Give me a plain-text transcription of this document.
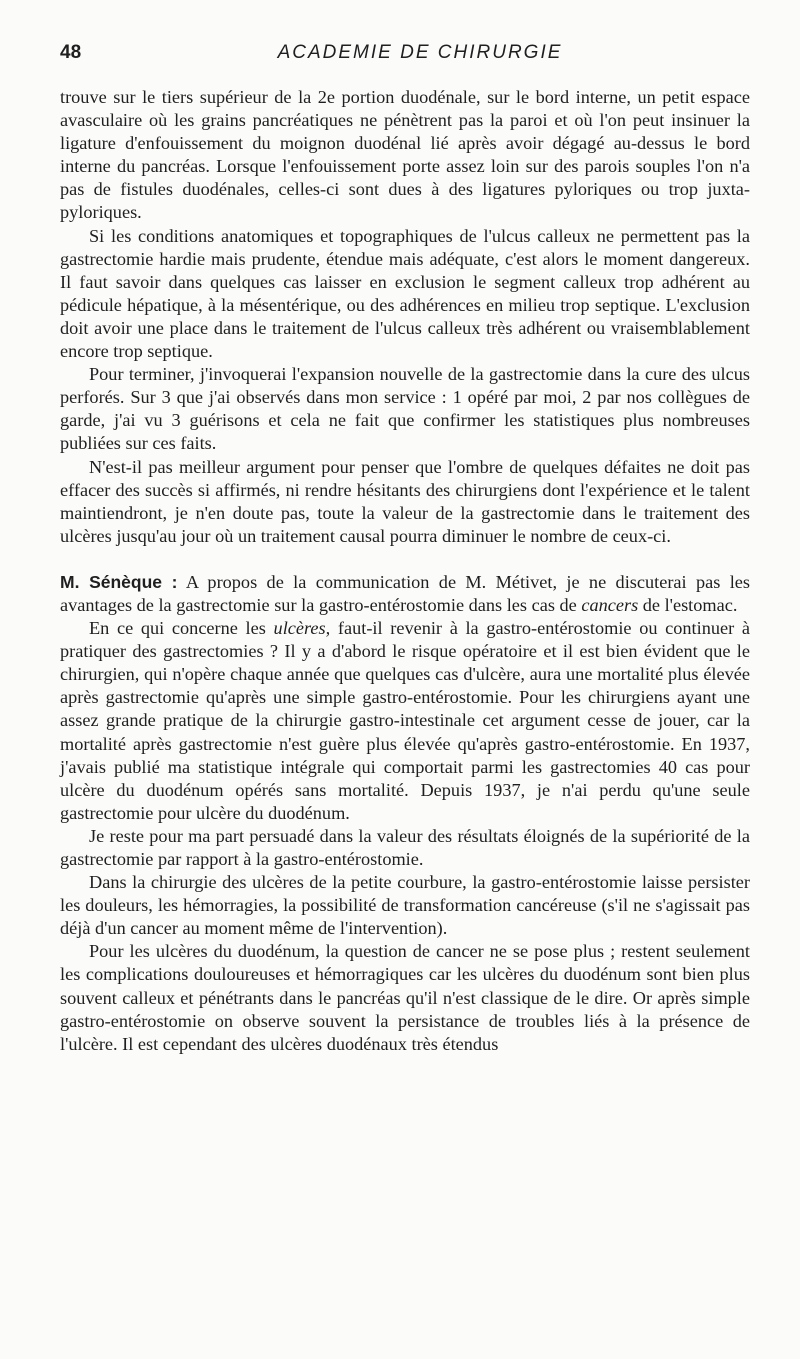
48	ACADEMIE DE CHIRURGIE

trouve sur le tiers supérieur de la 2e portion duodénale, sur le bord interne, un petit espace avasculaire où les grains pancréatiques ne pénètrent pas la paroi et où l'on peut insinuer la ligature d'enfouissement du moignon duodénal lié après avoir dégagé au-dessus le bord interne du pancréas. Lorsque l'enfouissement porte assez loin sur des parois souples l'on n'a pas de fistules duodénales, celles-ci sont dues à des ligatures pyloriques ou trop juxta-pyloriques.

Si les conditions anatomiques et topographiques de l'ulcus calleux ne permettent pas la gastrectomie hardie mais prudente, étendue mais adéquate, c'est alors le moment dangereux. Il faut savoir dans quelques cas laisser en exclusion le segment calleux trop adhérent au pédicule hépatique, à la mésentérique, ou des adhérences en milieu trop septique. L'exclusion doit avoir une place dans le traitement de l'ulcus calleux très adhérent ou vraisemblablement encore trop septique.

Pour terminer, j'invoquerai l'expansion nouvelle de la gastrectomie dans la cure des ulcus perforés. Sur 3 que j'ai observés dans mon service : 1 opéré par moi, 2 par nos collègues de garde, j'ai vu 3 guérisons et cela ne fait que confirmer les statistiques plus nombreuses publiées sur ces faits.

N'est-il pas meilleur argument pour penser que l'ombre de quelques défaites ne doit pas effacer des succès si affirmés, ni rendre hésitants des chirurgiens dont l'expérience et le talent maintiendront, je n'en doute pas, toute la valeur de la gastrectomie dans le traitement des ulcères jusqu'au jour où un traitement causal pourra diminuer le nombre de ceux-ci.

M. Sénèque : A propos de la communication de M. Métivet, je ne discuterai pas les avantages de la gastrectomie sur la gastro-entérostomie dans les cas de cancers de l'estomac.

En ce qui concerne les ulcères, faut-il revenir à la gastro-entérostomie ou continuer à pratiquer des gastrectomies ? Il y a d'abord le risque opératoire et il est bien évident que le chirurgien, qui n'opère chaque année que quelques cas d'ulcère, aura une mortalité plus élevée après gastrectomie qu'après une simple gastro-entérostomie. Pour les chirurgiens ayant une assez grande pratique de la chirurgie gastro-intestinale cet argument cesse de jouer, car la mortalité après gastrectomie n'est guère plus élevée qu'après gastro-entérostomie. En 1937, j'avais publié ma statistique intégrale qui comportait parmi les gastrectomies 40 cas pour ulcère du duodénum opérés sans mortalité. Depuis 1937, je n'ai perdu qu'une seule gastrectomie pour ulcère du duodénum.

Je reste pour ma part persuadé dans la valeur des résultats éloignés de la supériorité de la gastrectomie par rapport à la gastro-entérostomie.

Dans la chirurgie des ulcères de la petite courbure, la gastro-entérostomie laisse persister les douleurs, les hémorragies, la possibilité de transformation cancéreuse (s'il ne s'agissait pas déjà d'un cancer au moment même de l'intervention).

Pour les ulcères du duodénum, la question de cancer ne se pose plus ; restent seulement les complications douloureuses et hémorragiques car les ulcères du duodénum sont bien plus souvent calleux et pénétrants dans le pancréas qu'il n'est classique de le dire. Or après simple gastro-entérostomie on observe souvent la persistance de troubles liés à la présence de l'ulcère. Il est cependant des ulcères duodénaux très étendus
